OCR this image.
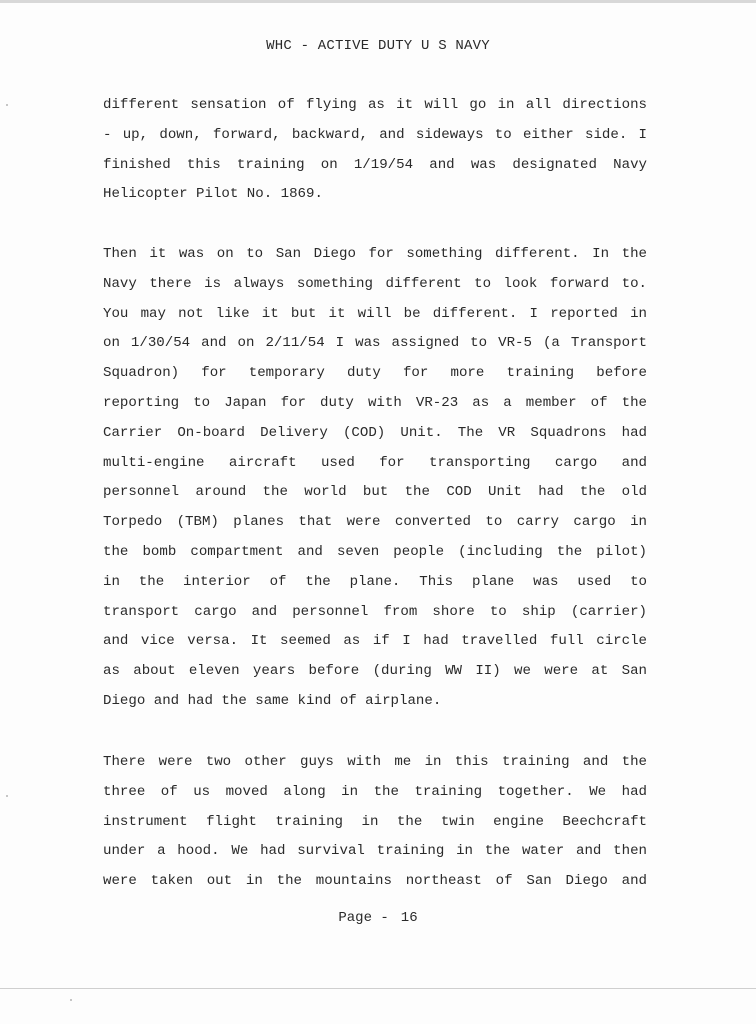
WHC - ACTIVE DUTY U S NAVY
different sensation of flying as it will go in all directions
- up, down, forward, backward, and sideways to either side. I
finished this training on 1/19/54 and was designated Navy
Helicopter Pilot No. 1869.
Then it was on to San Diego for something different. In the
Navy there is always something different to look forward to.
You may not like it but it will be different. I reported in
on 1/30/54 and on 2/11/54 I was assigned to VR-5 (a Transport
Squadron) for temporary duty for more training before
reporting to Japan for duty with VR-23 as a member of the
Carrier On-board Delivery (COD) Unit. The VR Squadrons had
multi-engine aircraft used for transporting cargo and
personnel around the world but the COD Unit had the old
Torpedo (TBM) planes that were converted to carry cargo in
the bomb compartment and seven people (including the pilot)
in the interior of the plane. This plane was used to
transport cargo and personnel from shore to ship (carrier)
and vice versa. It seemed as if I had travelled full circle
as about eleven years before (during WW II) we were at San
Diego and had the same kind of airplane.
There were two other guys with me in this training and the
three of us moved along in the training together. We had
instrument flight training in the twin engine Beechcraft
under a hood. We had survival training in the water and then
were taken out in the mountains northeast of San Diego and
Page - 16
